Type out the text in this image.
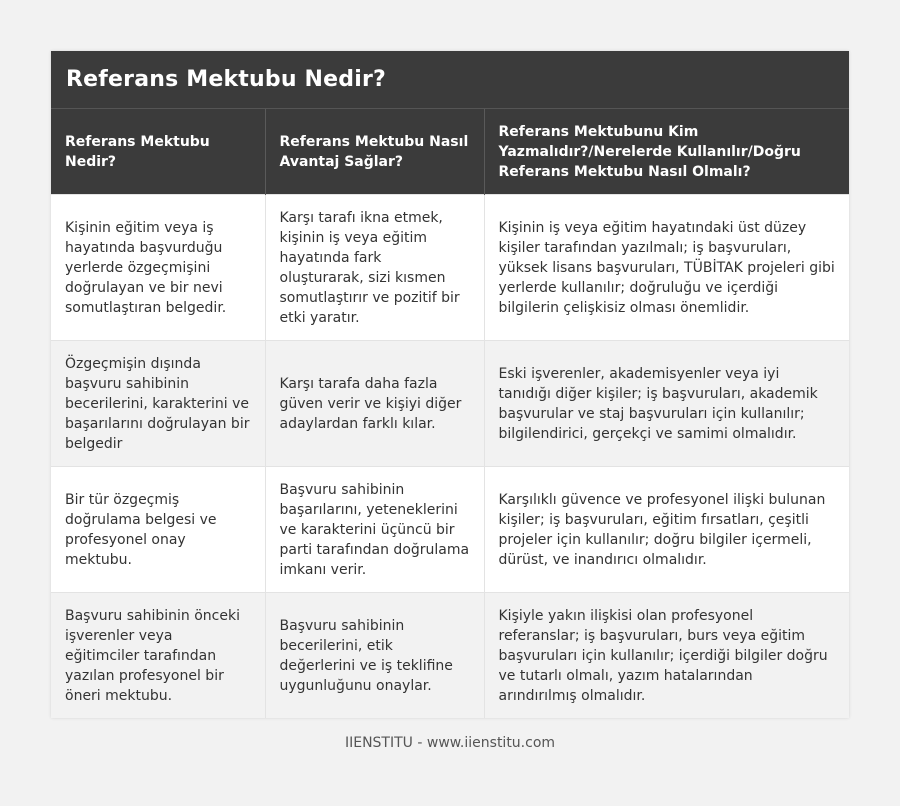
Referans Mektubu Nedir?
Referans Mektubu Nedir?	Referans Mektubu Nasıl Avantaj Sağlar?	Referans Mektubunu Kim Yazmalıdır?/Nerelerde Kullanılır/Doğru Referans Mektubu Nasıl Olmalı?
Kişinin eğitim veya iş hayatında başvurduğu yerlerde özgeçmişini doğrulayan ve bir nevi somutlaştıran belgedir.	Karşı tarafı ikna etmek, kişinin iş veya eğitim hayatında fark oluşturarak, sizi kısmen somutlaştırır ve pozitif bir etki yaratır.	Kişinin iş veya eğitim hayatındaki üst düzey kişiler tarafından yazılmalı; iş başvuruları, yüksek lisans başvuruları, TÜBİTAK projeleri gibi yerlerde kullanılır; doğruluğu ve içerdiği bilgilerin çelişkisiz olması önemlidir.
Özgeçmişin dışında başvuru sahibinin becerilerini, karakterini ve başarılarını doğrulayan bir belgedir	Karşı tarafa daha fazla güven verir ve kişiyi diğer adaylardan farklı kılar.	Eski işverenler, akademisyenler veya iyi tanıdığı diğer kişiler; iş başvuruları, akademik başvurular ve staj başvuruları için kullanılır; bilgilendirici, gerçekçi ve samimi olmalıdır.
Bir tür özgeçmiş doğrulama belgesi ve profesyonel onay mektubu.	Başvuru sahibinin başarılarını, yeteneklerini ve karakterini üçüncü bir parti tarafından doğrulama imkanı verir.	Karşılıklı güvence ve profesyonel ilişki bulunan kişiler; iş başvuruları, eğitim fırsatları, çeşitli projeler için kullanılır; doğru bilgiler içermeli, dürüst, ve inandırıcı olmalıdır.
Başvuru sahibinin önceki işverenler veya eğitimciler tarafından yazılan profesyonel bir öneri mektubu.	Başvuru sahibinin becerilerini, etik değerlerini ve iş teklifine uygunluğunu onaylar.	Kişiyle yakın ilişkisi olan profesyonel referanslar; iş başvuruları, burs veya eğitim başvuruları için kullanılır; içerdiği bilgiler doğru ve tutarlı olmalı, yazım hatalarından arındırılmış olmalıdır.
IIENSTITU - www.iienstitu.com
